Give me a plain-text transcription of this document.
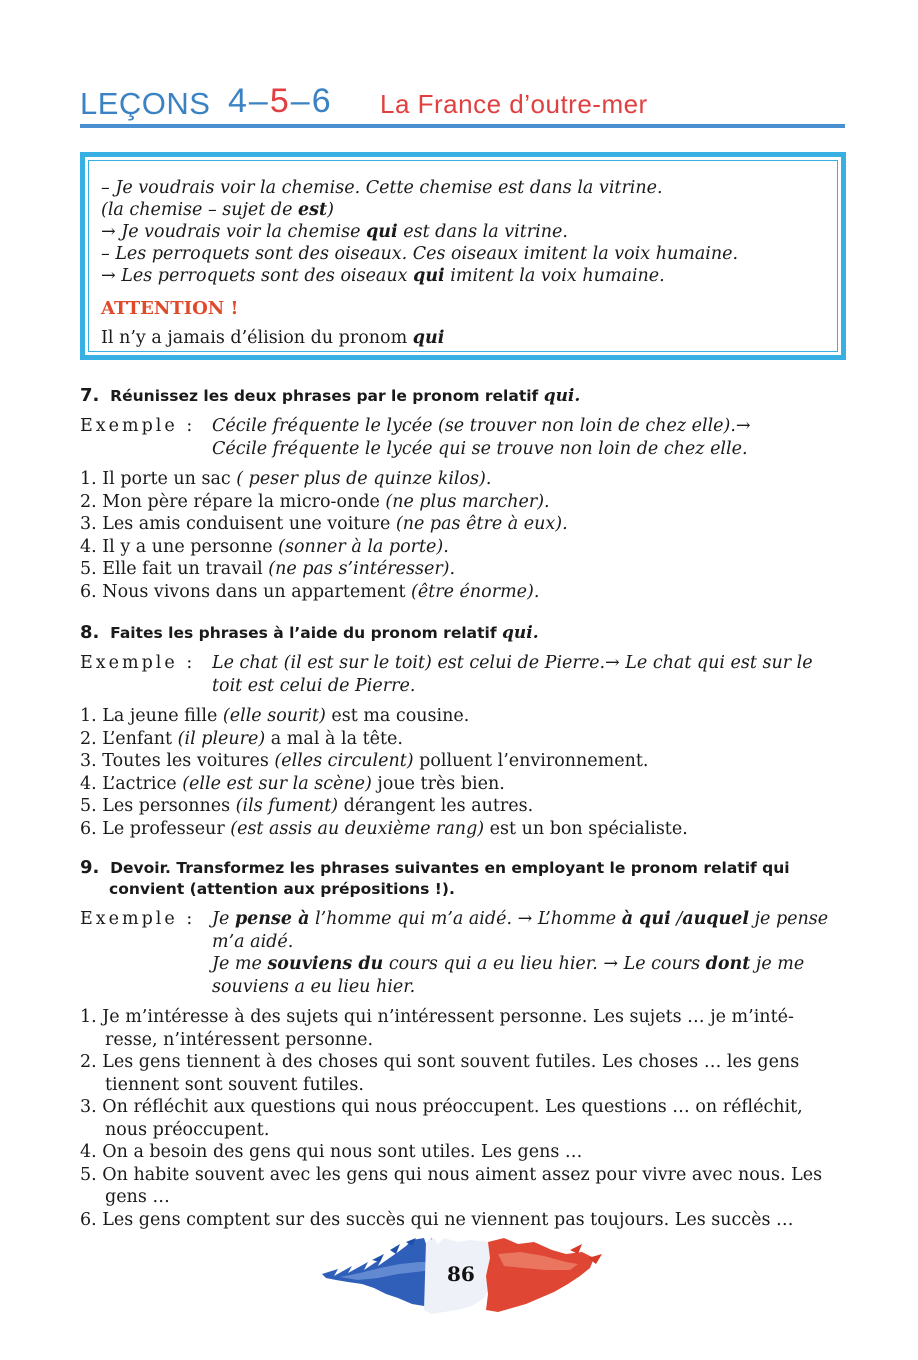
LEÇONS 4–5–6 La France d’outre-mer
– Je voudrais voir la chemise. Cette chemise est dans la vitrine.
(la chemise – sujet de est)
→ Je voudrais voir la chemise qui est dans la vitrine.
– Les perroquets sont des oiseaux. Ces oiseaux imitent la voix humaine.
→ Les perroquets sont des oiseaux qui imitent la voix humaine.
ATTENTION !
Il n’y a jamais d’élision du pronom qui
7. Réunissez les deux phrases par le pronom relatif qui.
Exemple : Cécile fréquente le lycée (se trouver non loin de chez elle).→
Cécile fréquente le lycée qui se trouve non loin de chez elle.
1. Il porte un sac ( peser plus de quinze kilos).
2. Mon père répare la micro-onde (ne plus marcher).
3. Les amis conduisent une voiture (ne pas être à eux).
4. Il y a une personne (sonner à la porte).
5. Elle fait un travail (ne pas s’intéresser).
6. Nous vivons dans un appartement (être énorme).
8. Faites les phrases à l’aide du pronom relatif qui.
Exemple : Le chat (il est sur le toit) est celui de Pierre.→ Le chat qui est sur le toit est celui de Pierre.
1. La jeune fille (elle sourit) est ma cousine.
2. L’enfant (il pleure) a mal à la tête.
3. Toutes les voitures (elles circulent) polluent l’environnement.
4. L’actrice (elle est sur la scène) joue très bien.
5. Les personnes (ils fument) dérangent les autres.
6. Le professeur (est assis au deuxième rang) est un bon spécialiste.
9. Devoir. Transformez les phrases suivantes en employant le pronom relatif qui convient (attention aux prépositions !).
Exemple : Je pense à l’homme qui m’a aidé. → L’homme à qui /auquel je pense m’a aidé.
Je me souviens du cours qui a eu lieu hier. → Le cours dont je me souviens a eu lieu hier.
1. Je m’intéresse à des sujets qui n’intéressent personne. Les sujets … je m’inté- resse, n’intéressent personne.
2. Les gens tiennent à des choses qui sont souvent futiles. Les choses … les gens tiennent sont souvent futiles.
3. On réfléchit aux questions qui nous préoccupent. Les questions … on réfléchit, nous préoccupent.
4. On a besoin des gens qui nous sont utiles. Les gens …
5. On habite souvent avec les gens qui nous aiment assez pour vivre avec nous. Les gens …
6. Les gens comptent sur des succès qui ne viennent pas toujours. Les succès …
86
